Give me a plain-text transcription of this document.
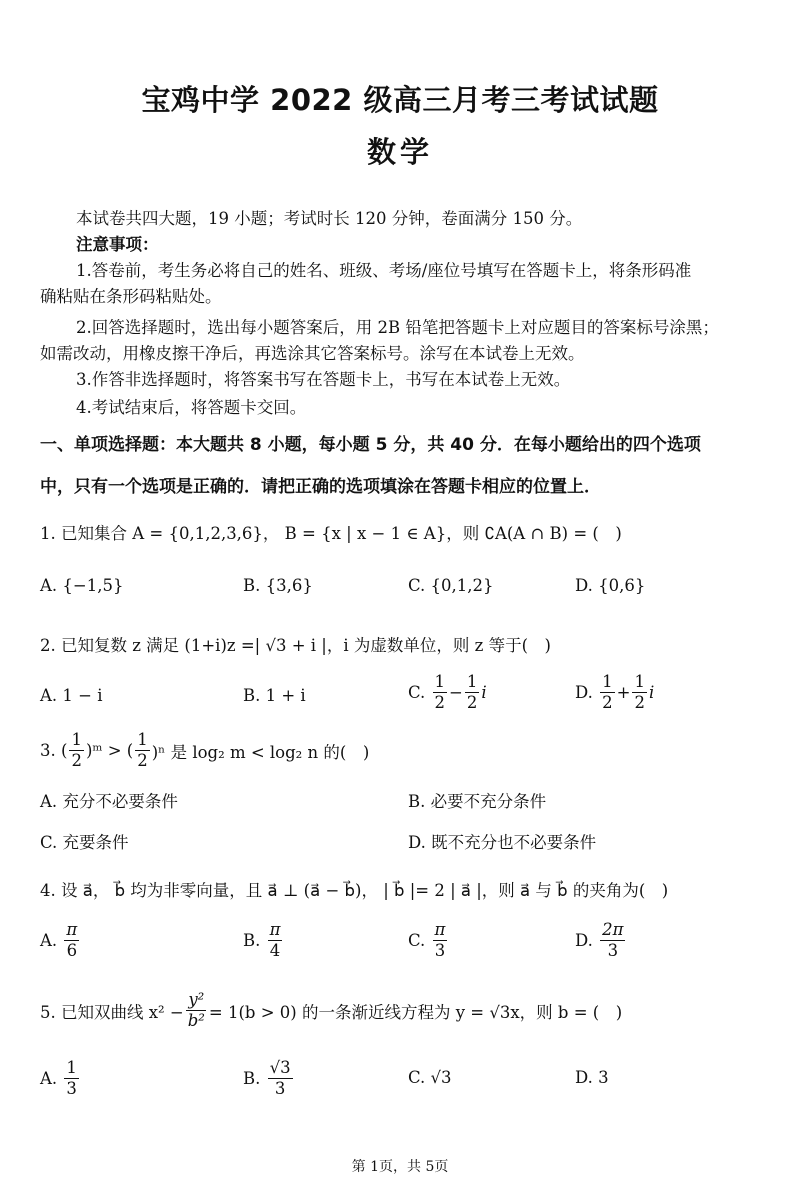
宝鸡中学 2022 级高三月考三考试试题
数学
本试卷共四大题，19 小题；考试时长 120 分钟，卷面满分 150 分。
注意事项：
1.答卷前，考生务必将自己的姓名、班级、考场/座位号填写在答题卡上，将条形码准
确粘贴在条形码粘贴处。
2.回答选择题时，选出每小题答案后，用 2B 铅笔把答题卡上对应题目的答案标号涂黑；
如需改动，用橡皮擦干净后，再选涂其它答案标号。涂写在本试卷上无效。
3.作答非选择题时，将答案书写在答题卡上，书写在本试卷上无效。
4.考试结束后，将答题卡交回。
一、单项选择题：本大题共 8 小题，每小题 5 分，共 40 分．在每小题给出的四个选项
中，只有一个选项是正确的．请把正确的选项填涂在答题卡相应的位置上．
1. 已知集合 A = {0,1,2,3,6}， B = {x | x − 1 ∈ A}，则 ∁A(A ∩ B) = (　)
A. {−1,5}	B. {3,6}	C. {0,1,2}	D. {0,6}
2. 已知复数 z 满足 (1+i)z =| √3 + i |，i 为虚数单位，则 z 等于(　)
A. 1 − i	B. 1 + i	C.
$\frac{1}{2} - \frac{1}{2}$ i	D.
$\frac{1}{2} + \frac{1}{2}$ i
3. ( $\frac{1}{2}$ )ᵐ > ( $\frac{1}{2} )^n$ 是 log₂ m < log₂ n 的(　)
A. 充分不必要条件	B. 必要不充分条件
C. 充要条件	D. 既不充分也不必要条件
4. 设 a⃗， b⃗ 均为非零向量，且 a⃗ ⊥ (a⃗ − b⃗)， | b⃗ |= 2 | a⃗ |，则 a⃗ 与 b⃗ 的夹角为(　)
A.
$\frac{\pi}{6}$	B.
$\frac{\pi}{4}$	C.
$\frac{\pi}{3}$	D.
$\frac{2\pi}{3}$
5. 已知双曲线 $x^2 - \frac{\text{y²}}{\text{b²}} = 1(b > 0)$ 的一条渐近线方程为 y = √3x，则 b = (　)
A.
$\frac{1}{3}$	B.
$\frac{√3}{3}$	C. √3	D. 3
第 1页，共 5页
